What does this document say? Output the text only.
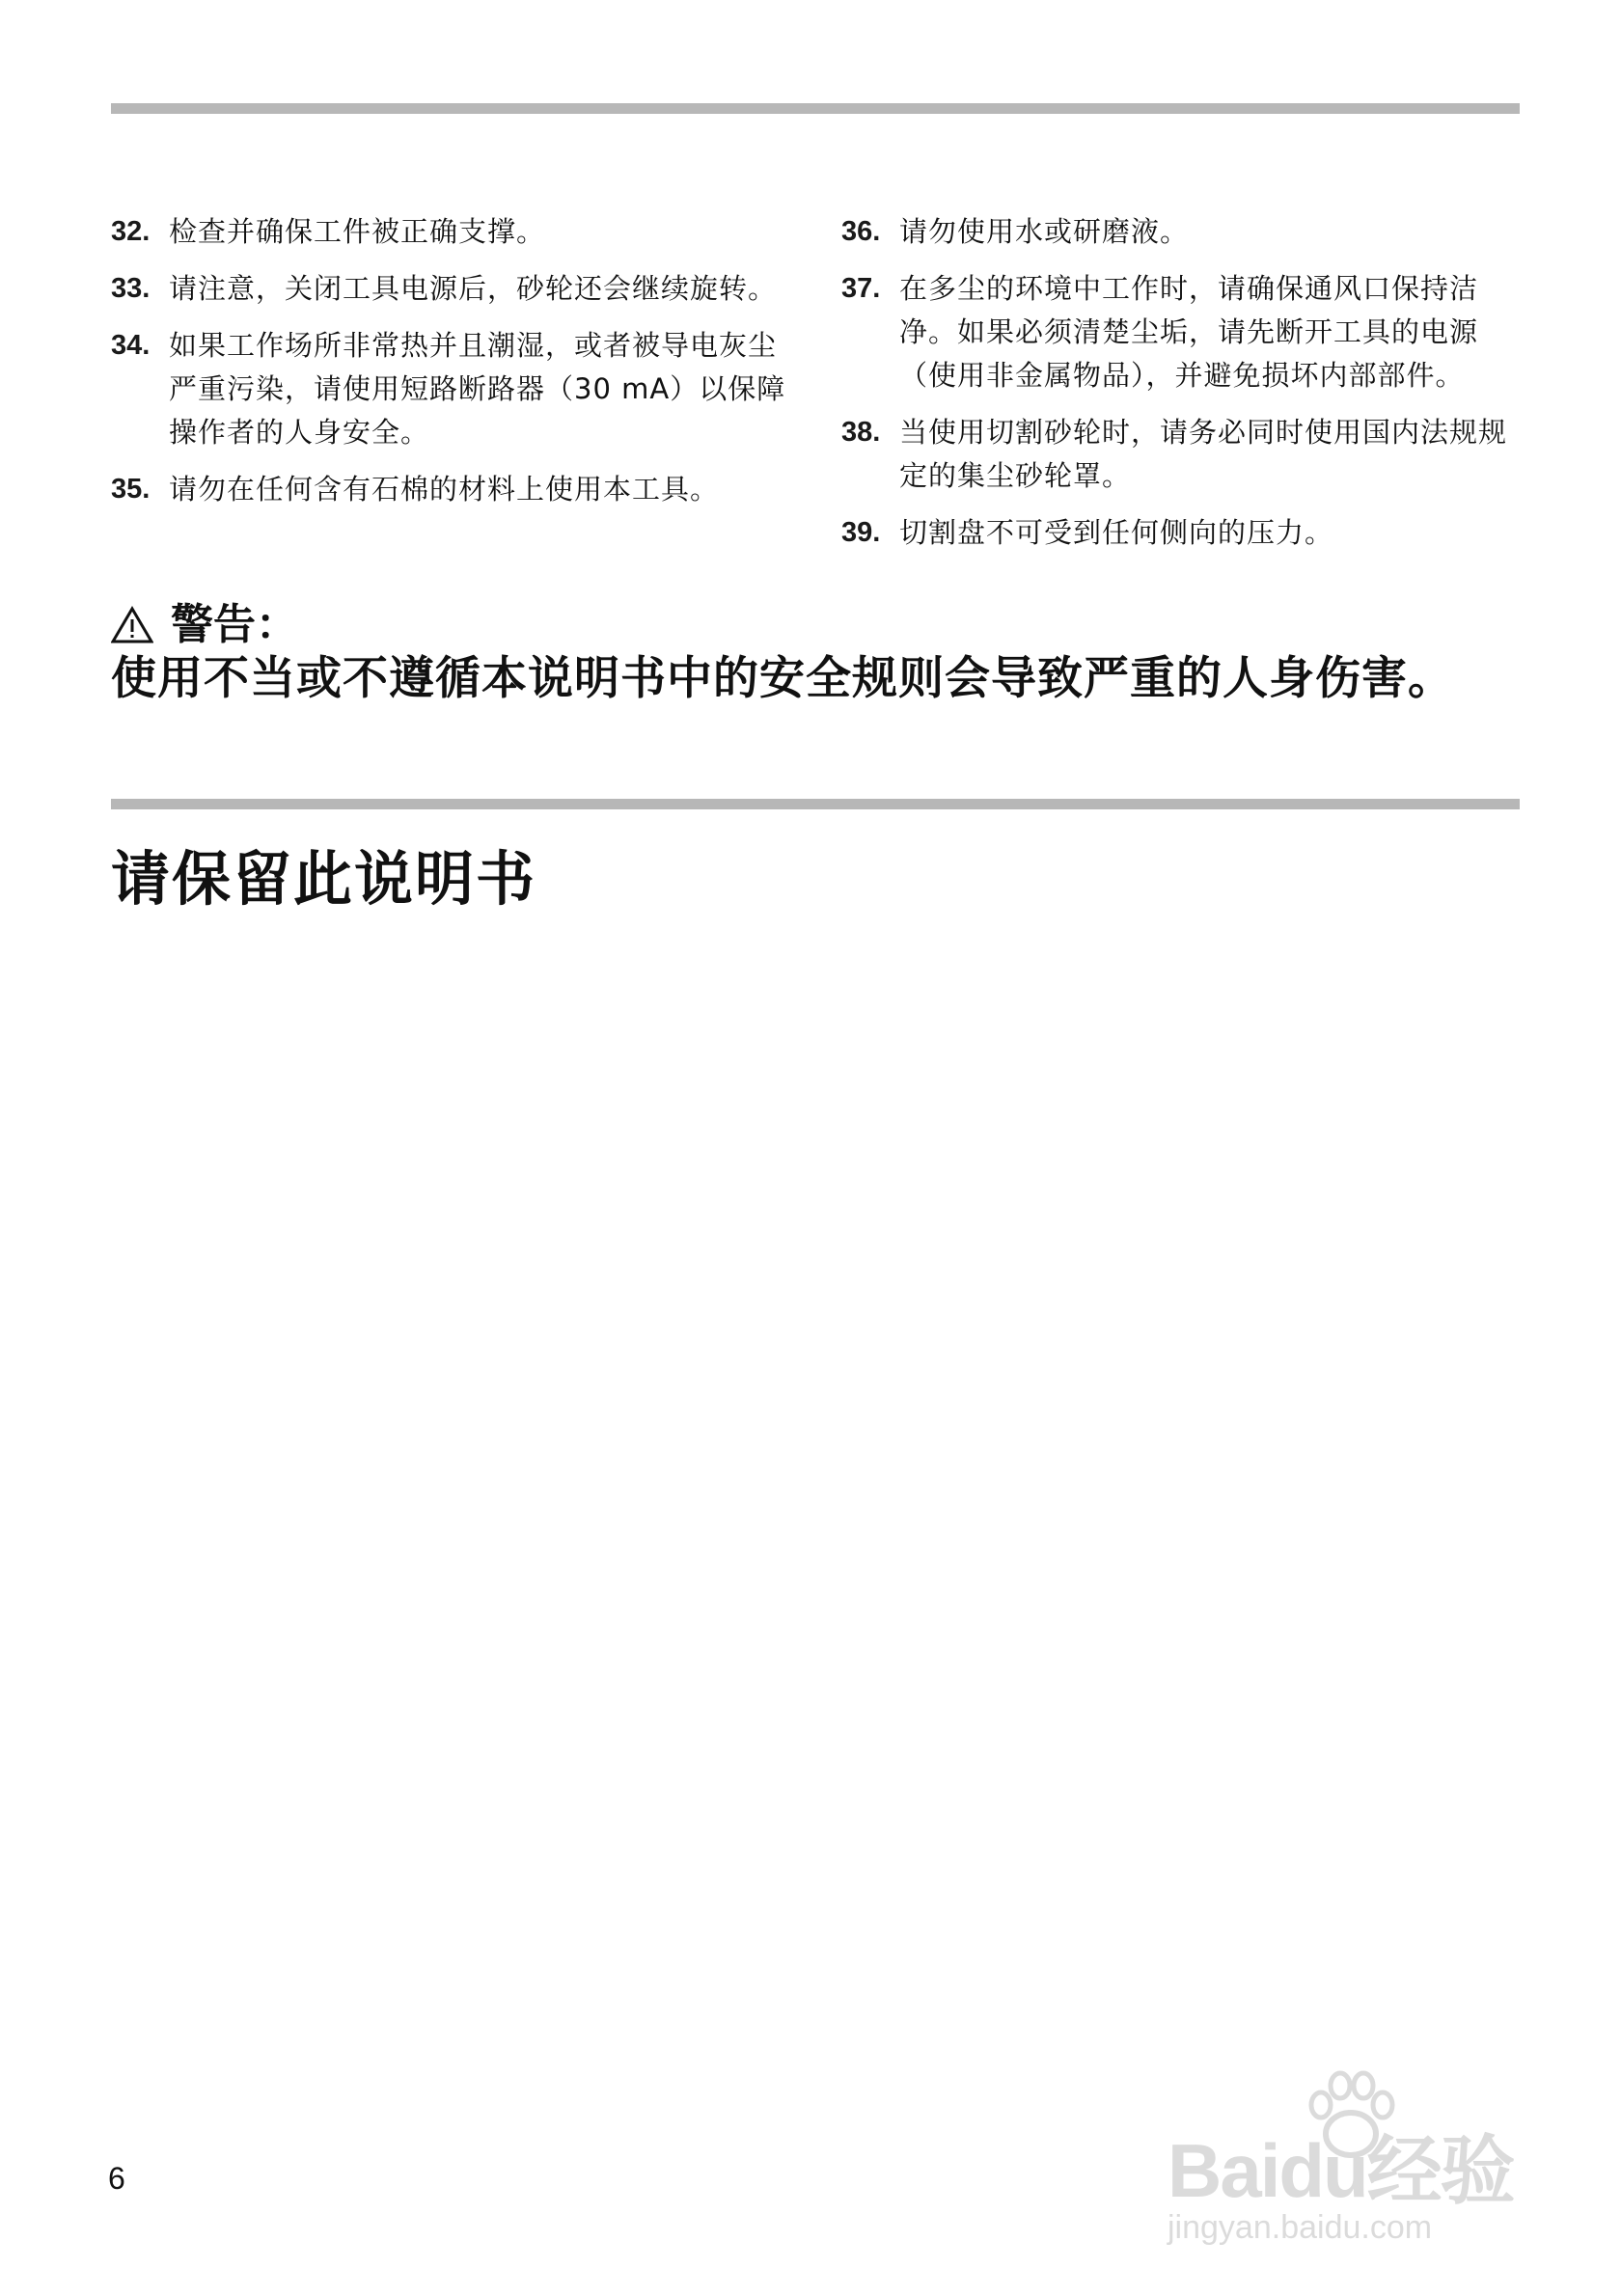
32. 检查并确保工件被正确支撑。
33. 请注意，关闭工具电源后，砂轮还会继续旋转。
34. 如果工作场所非常热并且潮湿，或者被导电灰尘严重污染，请使用短路断路器（30 mA）以保障操作者的人身安全。
35. 请勿在任何含有石棉的材料上使用本工具。
36. 请勿使用水或研磨液。
37. 在多尘的环境中工作时，请确保通风口保持洁净。如果必须清楚尘垢，请先断开工具的电源（使用非金属物品），并避免损坏内部部件。
38. 当使用切割砂轮时，请务必同时使用国内法规规定的集尘砂轮罩。
39. 切割盘不可受到任何侧向的压力。
警告：
使用不当或不遵循本说明书中的安全规则会导致严重的人身伤害。
请保留此说明书
6	Baidu经验
jingyan.baidu.com
